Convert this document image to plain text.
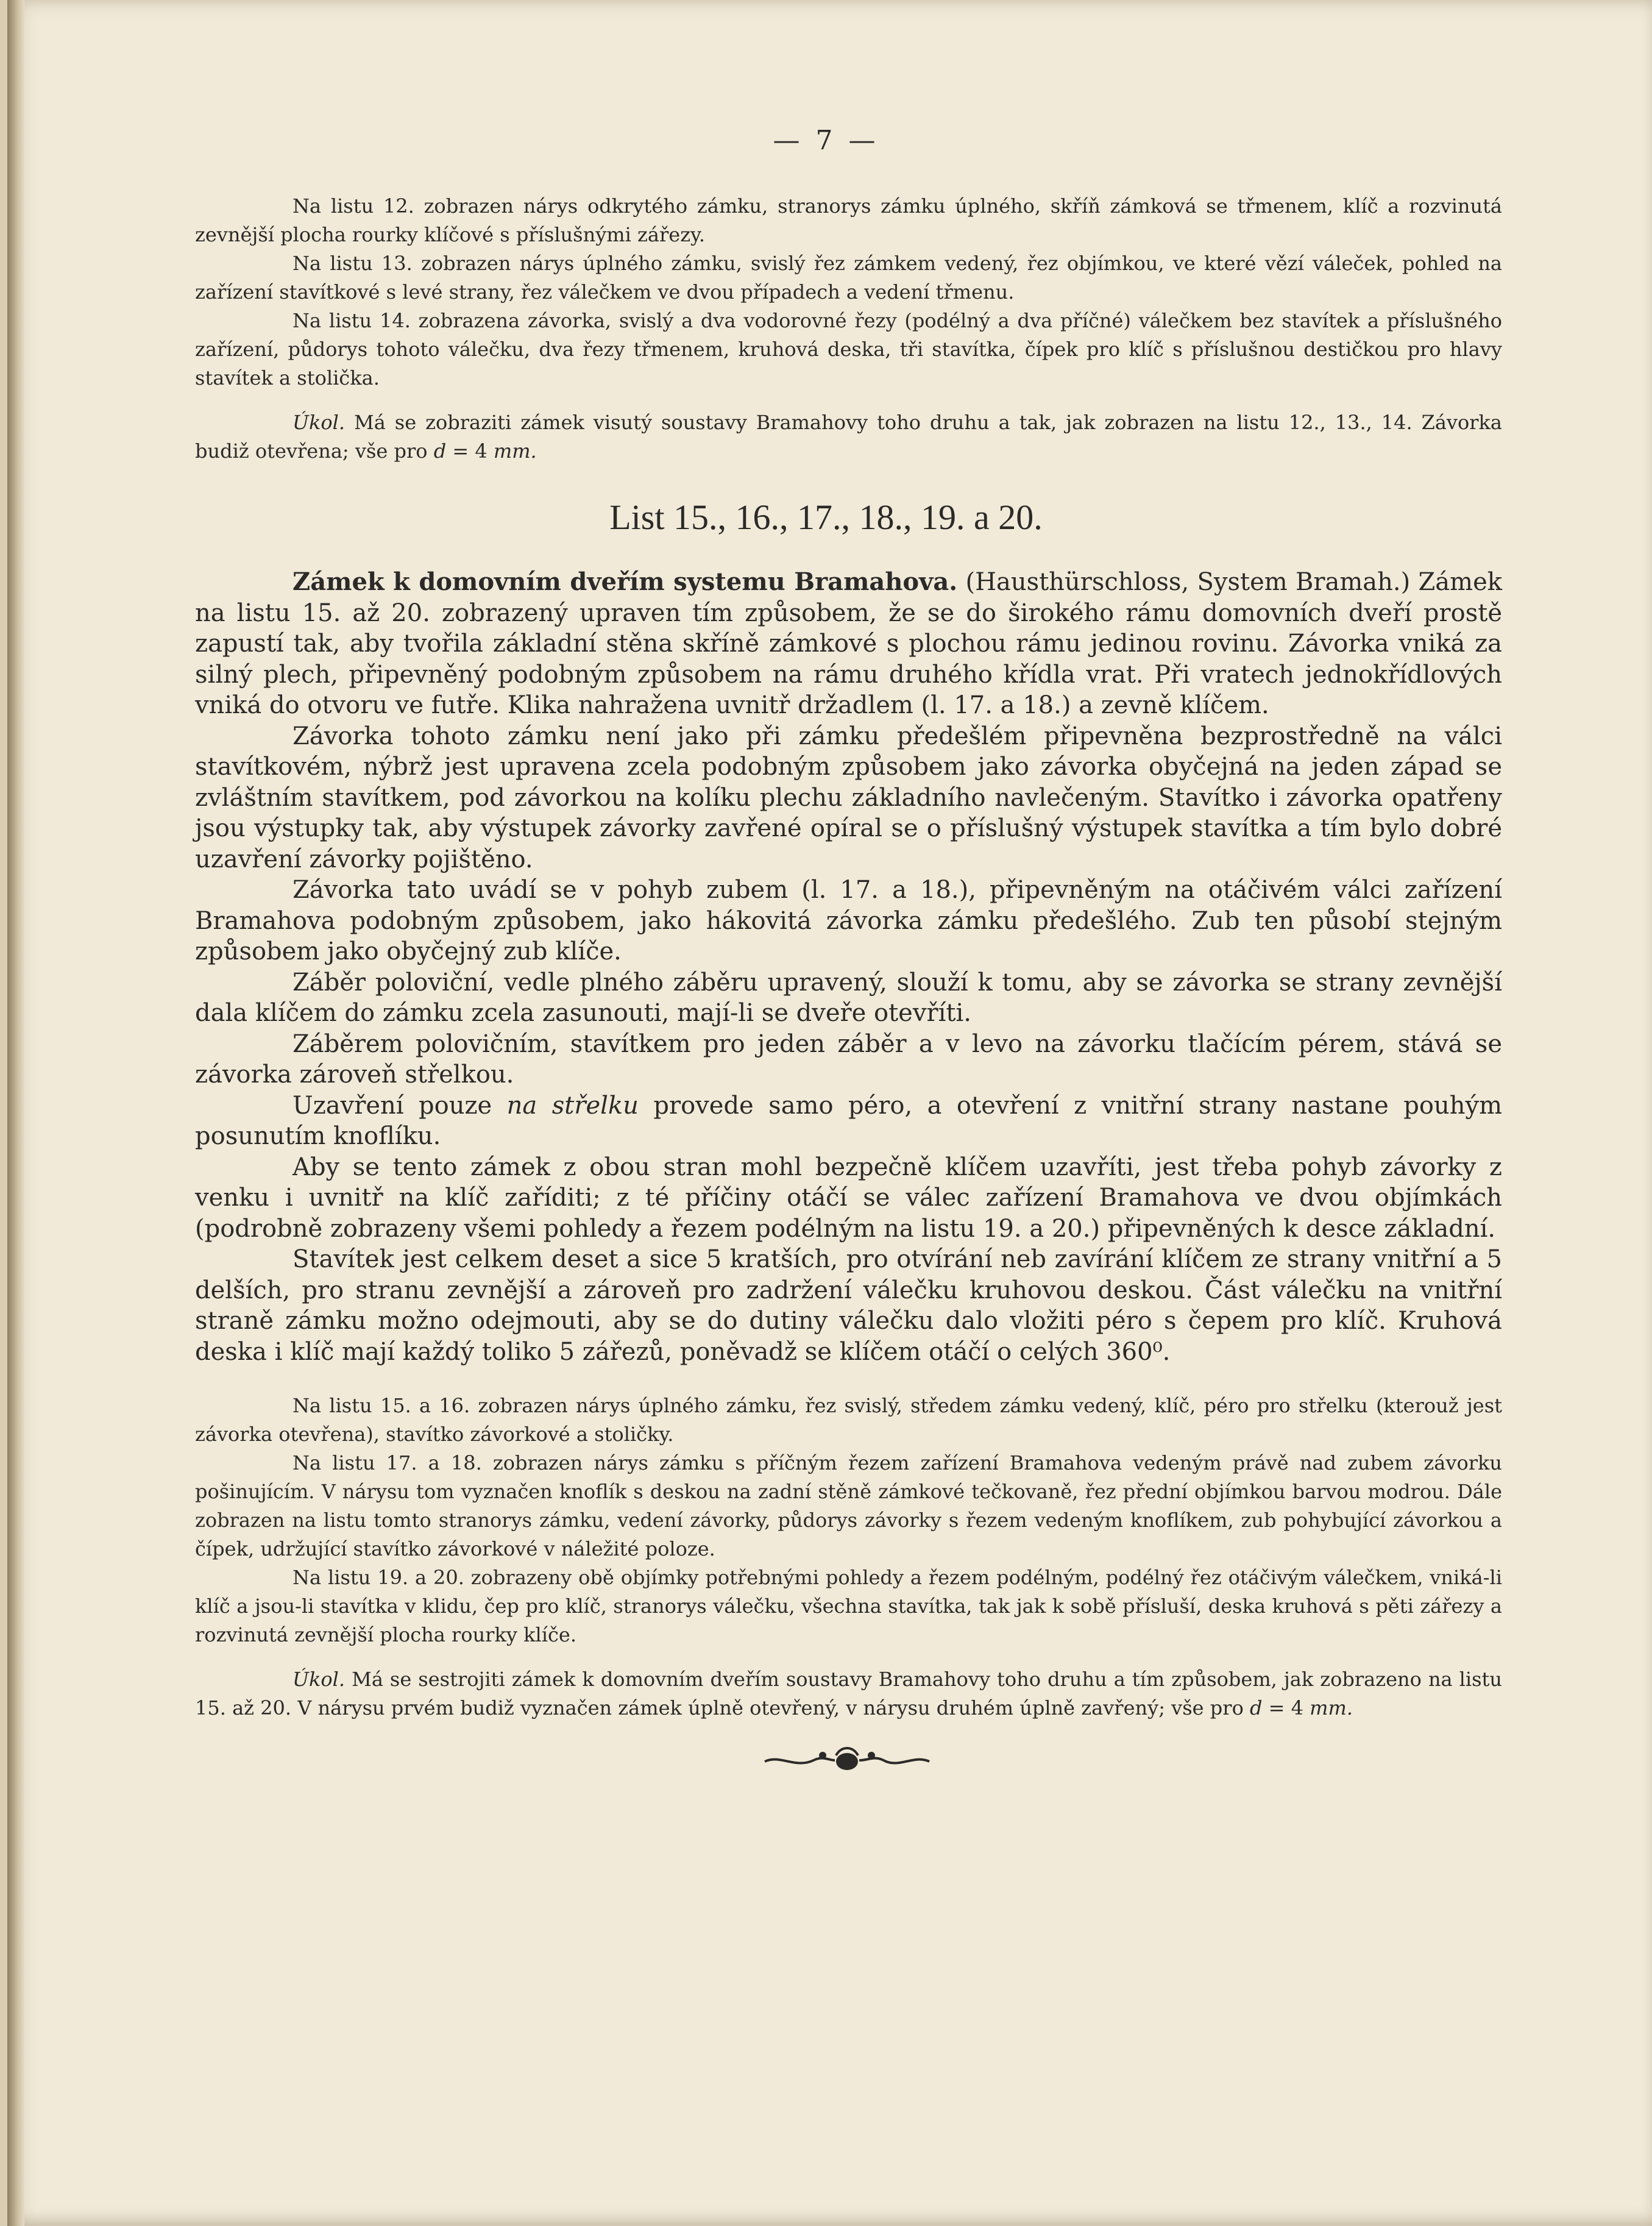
— 7 —

Na listu 12. zobrazen nárys odkrytého zámku, stranorys zámku úplného, skříň zámková se třmenem, klíč a rozvinutá zevnější plocha rourky klíčové s příslušnými zářezy.

Na listu 13. zobrazen nárys úplného zámku, svislý řez zámkem vedený, řez objímkou, ve které vězí váleček, pohled na zařízení stavítkové s levé strany, řez válečkem ve dvou případech a vedení třmenu.

Na listu 14. zobrazena závorka, svislý a dva vodorovné řezy (podélný a dva příčné) válečkem bez stavítek a příslušného zařízení, půdorys tohoto válečku, dva řezy třmenem, kruhová deska, tři stavítka, čípek pro klíč s příslušnou destičkou pro hlavy stavítek a stolička.

Úkol. Má se zobraziti zámek visutý soustavy Bramahovy toho druhu a tak, jak zobrazen na listu 12., 13., 14. Závorka budiž otevřena; vše pro d = 4 mm.

List 15., 16., 17., 18., 19. a 20.

Zámek k domovním dveřím systemu Bramahova. (Hausthürschloss, System Bramah.) Zámek na listu 15. až 20. zobrazený upraven tím způsobem, že se do širokého rámu domovních dveří prostě zapustí tak, aby tvořila základní stěna skříně zámkové s plochou rámu jedinou rovinu. Závorka vniká za silný plech, připevněný podobným způsobem na rámu druhého křídla vrat. Při vratech jednokřídlových vniká do otvoru ve futře. Klika nahražena uvnitř držadlem (l. 17. a 18.) a zevně klíčem.

Závorka tohoto zámku není jako při zámku předešlém připevněna bezprostředně na válci stavítkovém, nýbrž jest upravena zcela podobným způsobem jako závorka obyčejná na jeden západ se zvláštním stavítkem, pod závorkou na kolíku plechu základního navlečeným. Stavítko i závorka opatřeny jsou výstupky tak, aby výstupek závorky zavřené opíral se o příslušný výstupek stavítka a tím bylo dobré uzavření závorky pojištěno.

Závorka tato uvádí se v pohyb zubem (l. 17. a 18.), připevněným na otáčivém válci zařízení Bramahova podobným způsobem, jako hákovitá závorka zámku předešlého. Zub ten působí stejným způsobem jako obyčejný zub klíče.

Záběr poloviční, vedle plného záběru upravený, slouží k tomu, aby se závorka se strany zevnější dala klíčem do zámku zcela zasunouti, mají-li se dveře otevříti.

Záběrem polovičním, stavítkem pro jeden záběr a v levo na závorku tlačícím pérem, stává se závorka zároveň střelkou.

Uzavření pouze na střelku provede samo péro, a otevření z vnitřní strany nastane pouhým posunutím knoflíku.

Aby se tento zámek z obou stran mohl bezpečně klíčem uzavříti, jest třeba pohyb závorky z venku i uvnitř na klíč zaříditi; z té příčiny otáčí se válec zařízení Bramahova ve dvou objímkách (podrobně zobrazeny všemi pohledy a řezem podélným na listu 19. a 20.) připevněných k desce základní.

Stavítek jest celkem deset a sice 5 kratších, pro otvírání neb zavírání klíčem ze strany vnitřní a 5 delších, pro stranu zevnější a zároveň pro zadržení válečku kruhovou deskou. Část válečku na vnitřní straně zámku možno odejmouti, aby se do dutiny válečku dalo vložiti péro s čepem pro klíč. Kruhová deska i klíč mají každý toliko 5 zářezů, poněvadž se klíčem otáčí o celých 360⁰.

Na listu 15. a 16. zobrazen nárys úplného zámku, řez svislý, středem zámku vedený, klíč, péro pro střelku (kterouž jest závorka otevřena), stavítko závorkové a stoličky.

Na listu 17. a 18. zobrazen nárys zámku s příčným řezem zařízení Bramahova vedeným právě nad zubem závorku pošinujícím. V nárysu tom vyznačen knoflík s deskou na zadní stěně zámkové tečkovaně, řez přední objímkou barvou modrou. Dále zobrazen na listu tomto stranorys zámku, vedení závorky, půdorys závorky s řezem vedeným knoflíkem, zub pohybující závorkou a čípek, udržující stavítko závorkové v náležité poloze.

Na listu 19. a 20. zobrazeny obě objímky potřebnými pohledy a řezem podélným, podélný řez otáčivým válečkem, vniká-li klíč a jsou-li stavítka v klidu, čep pro klíč, stranorys válečku, všechna stavítka, tak jak k sobě přísluší, deska kruhová s pěti zářezy a rozvinutá zevnější plocha rourky klíče.

Úkol. Má se sestrojiti zámek k domovním dveřím soustavy Bramahovy toho druhu a tím způsobem, jak zobrazeno na listu 15. až 20. V nárysu prvém budiž vyznačen zámek úplně otevřený, v nárysu druhém úplně zavřený; vše pro d = 4 mm.
